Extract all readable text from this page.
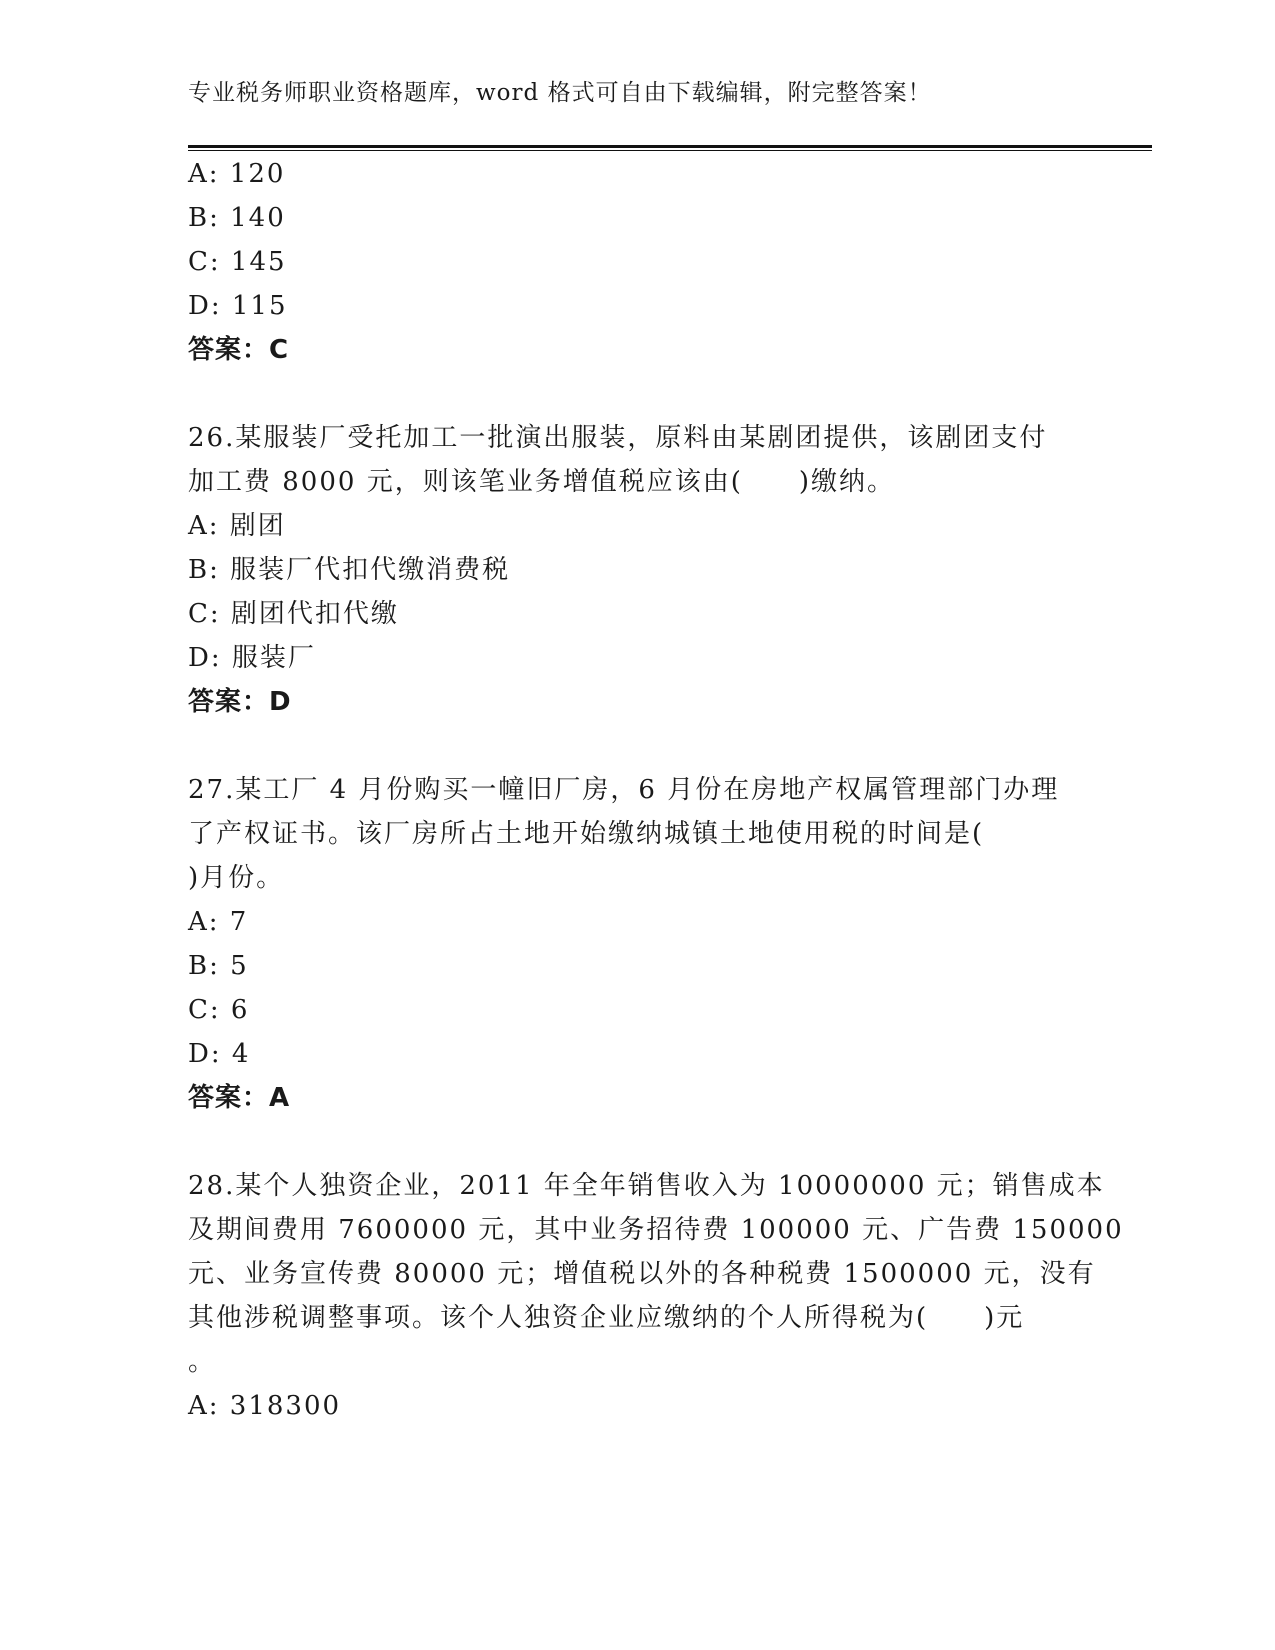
专业税务师职业资格题库，word 格式可自由下载编辑，附完整答案！
A: 120
B: 140
C: 145
D: 115
答案：C
26.某服装厂受托加工一批演出服装，原料由某剧团提供，该剧团支付
加工费 8000 元，则该笔业务增值税应该由(　　)缴纳。
A: 剧团
B: 服装厂代扣代缴消费税
C: 剧团代扣代缴
D: 服装厂
答案：D
27.某工厂 4 月份购买一幢旧厂房，6 月份在房地产权属管理部门办理
了产权证书。该厂房所占土地开始缴纳城镇土地使用税的时间是(
)月份。
A: 7
B: 5
C: 6
D: 4
答案：A
28.某个人独资企业，2011 年全年销售收入为 10000000 元；销售成本
及期间费用 7600000 元，其中业务招待费 100000 元、广告费 150000
元、业务宣传费 80000 元；增值税以外的各种税费 1500000 元，没有
其他涉税调整事项。该个人独资企业应缴纳的个人所得税为(　　)元
。
A: 318300
